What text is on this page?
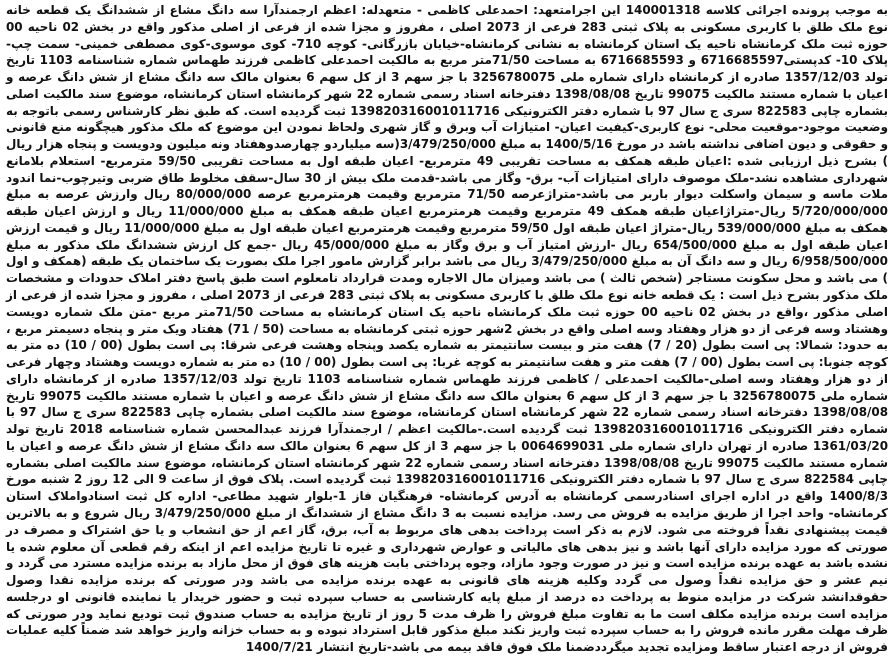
به موجب پرونده اجرائی کلاسه 140001318 این اجرامتعهد: احمدعلی کاظمی - متعهدله: اعظم ارجمندآرا سه دانگ مشاع از ششدانگ یک قطعه خانه نوع ملک طلق با کاربری مسکونی به پلاک ثبتی 283 فرعی از 2073 اصلی ، مفروز و مجزا شده از فرعی از اصلی مذکور واقع در بخش 02 ناحیه 00 حوزه ثبت ملک کرمانشاه ناحیه یک استان کرمانشاه به نشانی کرمانشاه-خیابان بازرگانی- کوچه 710- کوی موسوی-کوی مصطفی خمینی- سمت چپ- پلاک 10- کدپستی6716685597 و 6716685593 به مساحت 71/50متر مربع به مالکیت احمدعلی کاظمی فرزند طهماس شماره شناسنامه 1103 تاریخ تولد 1357/12/03 صادره از کرمانشاه دارای شماره ملی 3256780075 با جز سهم 3 از کل سهم 6 بعنوان مالک سه دانگ مشاع از شش دانگ عرصه و اعیان با شماره مستند مالکیت 99075 تاریخ 1398/08/08 دفترخانه اسناد رسمی شماره 22 شهر کرمانشاه استان کرمانشاه، موضوع سند مالکیت اصلی بشماره چاپی 822583 سری ج سال 97 با شماره دفتر الکترونیکی 139820316001011716 ثبت گردیده است. که طبق نظر کارشناس رسمی باتوجه به وضعیت موجود-موقعیت محلی- نوع کاربری-کیفیت اعیان- امتیازات آب وبرق و گاز شهری ولحاظ نمودن این موضوع که ملک مذکور هیچگونه منع قانونی و حقوقی و دیون اضافی نداشته باشد در مورخ 1400/5/16 به مبلغ 3/479/250/000(سه میلیاردو چهارصدوهفتاد ونه میلیون ودویست و پنجاه هزار ریال ) بشرح ذیل ارزیابی شده :اعیان طبقه همکف به مساحت تقریبی 49 مترمربع- اعیان طبقه اول به مساحت تقریبی 59/50 مترمربع- استعلام بلامانع شهرداری مشاهده نشد-ملک موصوف دارای امتیازات آب- برق- وگاز می باشد-قدمت ملک بیش از 30 سال-سقف مخلوط طاق ضربی وتیرچوب-نما اندود ملات ماسه و سیمان واسکلت دیوار باربر می باشد-متراژعرصه 71/50 مترمربع وقیمت هرمترمربع عرصه 80/000/000 ریال وارزش عرصه به مبلغ 5/720/000/000 ریال-متراژاعیان طبقه همکف 49 مترمربع وقیمت هرمترمربع اعیان طبقه همکف به مبلغ 11/000/000 ریال و ارزش اعیان طبقه همکف به مبلغ 539/000/000 ریال-متراژ اعیان طبقه اول 59/50 مترمربع وقیمت هرمترمربع اعیان طبقه اول به مبلغ 11/000/000 ریال و قیمت ارزش اعیان طبقه اول به مبلغ 654/500/000 ریال -ارزش امتیاز آب و برق وگاز به مبلغ 45/000/000 ریال -جمع کل ارزش ششدانگ ملک مذکور به مبلغ 6/958/500/000 ریال و سه دانگ آن به مبلغ 3/479/250/000 ریال می باشد برابر گزارش مامور اجرا ملک بصورت یک ساختمان یک طبقه (همکف و اول ) می باشد و محل سکونت مستاجر (شخص ثالث ) می باشد ومیزان مال الاجاره ومدت قرارداد نامعلوم است طبق پاسخ دفتر املاک حدودات و مشخصات ملک مذکور بشرح ذیل است : یک قطعه خانه نوع ملک طلق با کاربری مسکونی به پلاک ثبتی 283 فرعی از 2073 اصلی ، مفروز و مجزا شده از فرعی از اصلی مذکور ،واقع در بخش 02 ناحیه 00 حوزه ثبت ملک کرمانشاه ناحیه یک استان کرمانشاه به مساحت 71/50متر مربع -متن ملک شماره دویست وهشتاد وسه فرعی از دو هزار وهفتاد وسه اصلی واقع در بخش 2شهر حوزه ثبتی کرمانشاه به مساحت (50 / 71) هفتاد ویک متر و پنجاه دسیمتر مربع ، به حدود: شمالا: پی است بطول (20 / 7) هفت متر و بیست سانتیمتر به شماره یکصد وپنجاه وهشت فرعی شرقا: پی است بطول (00 / 10) ده متر به کوچه جنوبا: پی است بطول (00 / 7) هفت متر و هفت سانتیمتر به کوچه غربا: پی است بطول (00 / 10) ده متر به شماره دویست وهشتاد وچهار فرعی از دو هزار وهفتاد وسه اصلی-مالکیت احمدعلی / کاظمی فرزند طهماس شماره شناسنامه 1103 تاریخ تولد 1357/12/03 صادره از کرمانشاه دارای شماره ملی 3256780075 با جز سهم 3 از کل سهم 6 بعنوان مالک سه دانگ مشاع از شش دانگ عرصه و اعیان با شماره مستند مالکیت 99075 تاریخ 1398/08/08 دفترخانه اسناد رسمی شماره 22 شهر کرمانشاه استان کرمانشاه، موضوع سند مالکیت اصلی بشماره چاپی 822583 سری ج سال 97 با شماره دفتر الکترونیکی 139820316001011716 ثبت گردیده است.-مالکیت اعظم / ارجمندآرا فرزند عبدالمحسن شماره شناسنامه 2018 تاریخ تولد 1361/03/20 صادره از تهران دارای شماره ملی 0064699031 با جز سهم 3 از کل سهم 6 بعنوان مالک سه دانگ مشاع از شش دانگ عرصه و اعیان با شماره مستند مالکیت 99075 تاریخ 1398/08/08 دفترخانه اسناد رسمی شماره 22 شهر کرمانشاه استان کرمانشاه، موضوع سند مالکیت اصلی بشماره چاپی 822584 سری ج سال 97 با شماره دفتر الکترونیکی 139820316001011716 ثبت گردیده است. پلاک فوق از ساعت 9 الی 12 روز 2 شنبه مورخ 1400/8/3 واقع در اداره اجرای اسنادرسمی کرمانشاه به آدرس کرمانشاه- فرهنگیان فاز 1-بلوار شهید مطاعی- اداره کل ثبت اسنادواملاک استان کرمانشاه- واحد اجرا از طریق مزایده به فروش می رسد. مزایده نسبت به 3 دانگ مشاع از ششدانگ از مبلغ 3/479/250/000 ریال شروع و به بالاترین قیمت پیشنهادی نقداً فروخته می شود. لازم به ذکر است پرداخت بدهی های مربوط به آب، برق، گاز اعم از حق انشعاب و یا حق اشتراک و مصرف در صورتی که مورد مزایده دارای آنها باشد و نیز بدهی های مالیاتی و عوارض شهرداری و غیره تا تاریخ مزایده اعم از اینکه رقم قطعی آن معلوم شده یا نشده باشد به عهده برنده مزایده است و نیز در صورت وجود مازاد، وجوه پرداختی بابت هزینه های فوق از محل مازاد به برنده مزایده مسترد می گردد و نیم عشر و حق مزایده نقداً وصول می گردد وکلیه هزینه های قانونی به عهده برنده مزایده می باشد ودر صورتی که برنده مزایده نقدا وصول حقوقدانشد شرکت در مزایده منوط به پرداخت ده درصد از مبلغ پایه کارشناسی به حساب سپرده ثبت و حضور خریدار یا نماینده قانونی او درجلسه مزایده است برنده مزایده مکلف است ما به تفاوت مبلغ فروش را ظرف مدت 5 روز از تاریخ مزایده به حساب صندوق ثبت تودیع نماید ودر صورتی که ظرف مهلت مقرر مانده فروش را به حساب سپرده ثبت واریز نکند مبلغ مذکور قابل استرداد نبوده و به حساب خزانه واریز خواهد شد ضمناً کلیه عملیات فروش از درجه اعتبار ساقط ومزایده تجدید میگرددضمنا ملک فوق فاقد بیمه می باشد-تاریخ انتشار 1400/7/21
